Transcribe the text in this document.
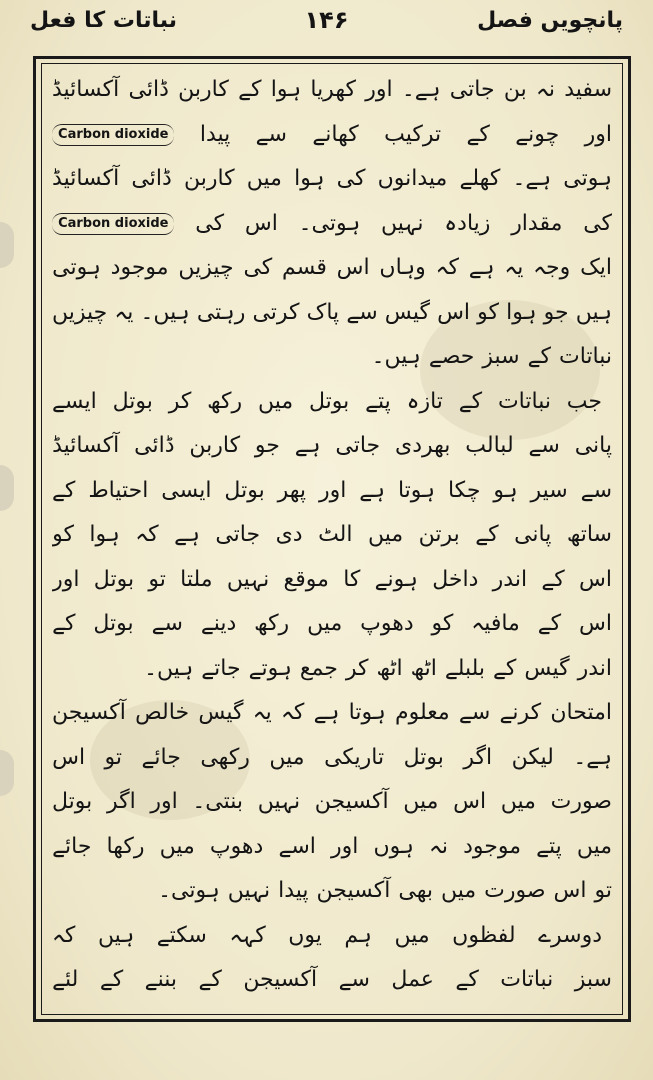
پانچویں فصل
۱۴۶
نباتات کا فعل
سفید
نہ
بن
جاتی
ہے۔
اور
کھریا
ہوا
کے
کاربن
ڈائی
آکسائیڈ
اور
چونے
کے
ترکیب
کھانے
سے
پیدا
Carbon dioxide
ہوتی
ہے۔
کھلے
میدانوں
کی
ہوا
میں
کاربن
ڈائی
آکسائیڈ
کی
مقدار
زیادہ
نہیں
ہوتی۔
اس
کی
Carbon dioxide
ایک
وجہ
یہ
ہے
کہ
وہاں
اس
قسم
کی
چیزیں
موجود
ہوتی
ہیں
جو
ہوا
کو
اس
گیس
سے
پاک
کرتی
رہتی
ہیں۔
یہ
چیزیں
نباتات
کے
سبز
حصے
ہیں۔
جب
نباتات
کے
تازہ
پتے
بوتل
میں
رکھ
کر
بوتل
ایسے
پانی
سے
لبالب
بھردی
جاتی
ہے
جو
کاربن
ڈائی
آکسائیڈ
سے
سیر
ہو
چکا
ہوتا
ہے
اور
پھر
بوتل
ایسی
احتیاط
کے
ساتھ
پانی
کے
برتن
میں
الٹ
دی
جاتی
ہے
کہ
ہوا
کو
اس
کے
اندر
داخل
ہونے
کا
موقع
نہیں
ملتا
تو
بوتل
اور
اس
کے
مافیہ
کو
دھوپ
میں
رکھ
دینے
سے
بوتل
کے
اندر
گیس
کے
بلبلے
اٹھ
اٹھ
کر
جمع
ہوتے
جاتے
ہیں۔
امتحان
کرنے
سے
معلوم
ہوتا
ہے
کہ
یہ
گیس
خالص
آکسیجن
ہے۔
لیکن
اگر
بوتل
تاریکی
میں
رکھی
جائے
تو
اس
صورت
میں
اس
میں
آکسیجن
نہیں
بنتی۔
اور
اگر
بوتل
میں
پتے
موجود
نہ
ہوں
اور
اسے
دھوپ
میں
رکھا
جائے
تو
اس
صورت
میں
بھی
آکسیجن
پیدا
نہیں
ہوتی۔
دوسرے
لفظوں
میں
ہم
یوں
کہہ
سکتے
ہیں
کہ
سبز
نباتات
کے
عمل
سے
آکسیجن
کے
بننے
کے
لئے
